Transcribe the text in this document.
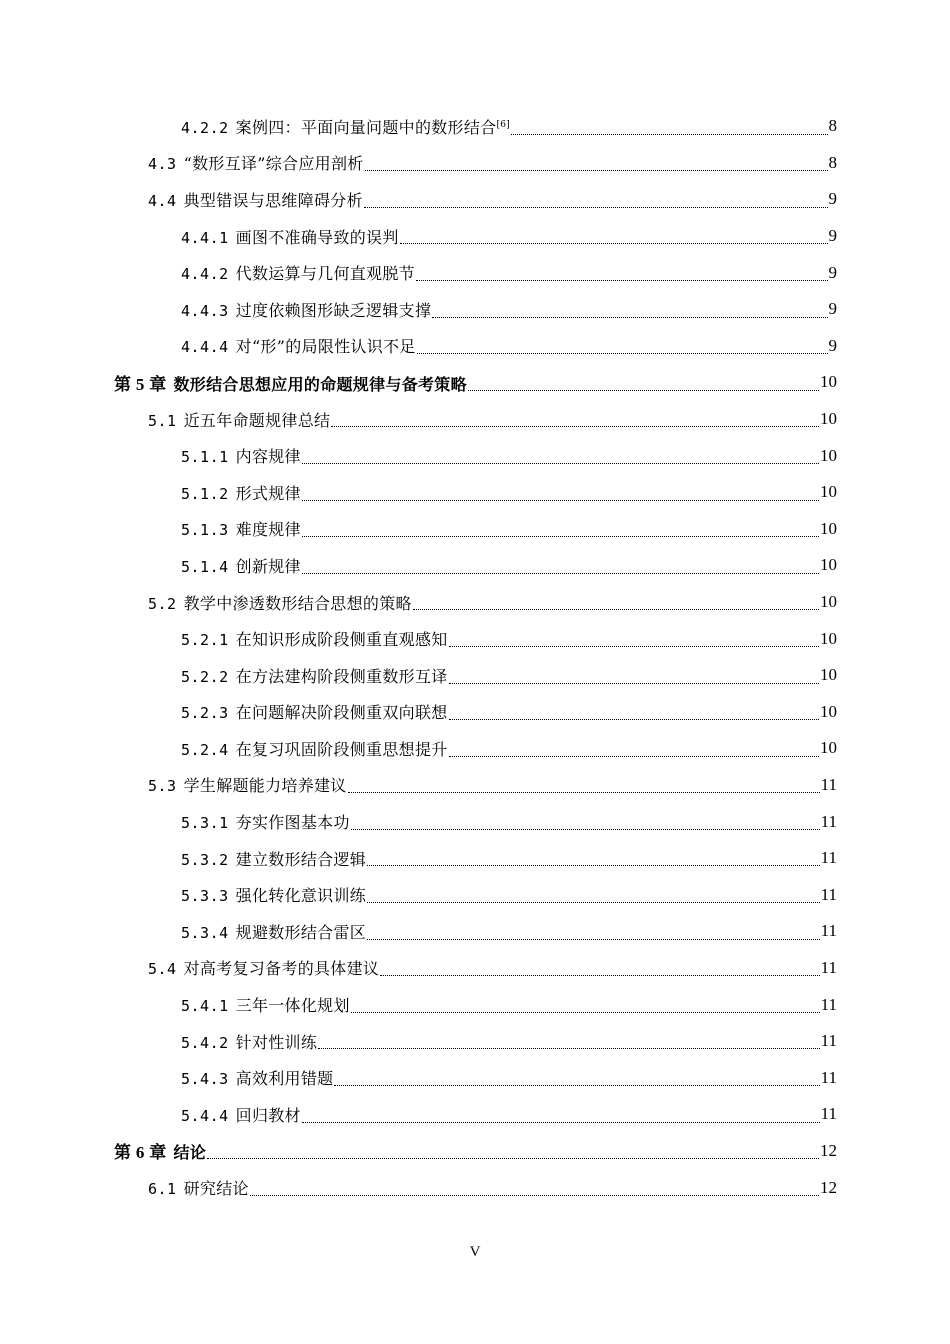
4.2.2 案例四：平面向量问题中的数形结合[6]	8
4.3 “数形互译”综合应用剖析	8
4.4 典型错误与思维障碍分析	9
4.4.1 画图不准确导致的误判	9
4.4.2 代数运算与几何直观脱节	9
4.4.3 过度依赖图形缺乏逻辑支撑	9
4.4.4 对“形”的局限性认识不足	9
第 5 章 数形结合思想应用的命题规律与备考策略	10
5.1 近五年命题规律总结	10
5.1.1 内容规律	10
5.1.2 形式规律	10
5.1.3 难度规律	10
5.1.4 创新规律	10
5.2 教学中渗透数形结合思想的策略	10
5.2.1 在知识形成阶段侧重直观感知	10
5.2.2 在方法建构阶段侧重数形互译	10
5.2.3 在问题解决阶段侧重双向联想	10
5.2.4 在复习巩固阶段侧重思想提升	10
5.3 学生解题能力培养建议	11
5.3.1 夯实作图基本功	11
5.3.2 建立数形结合逻辑	11
5.3.3 强化转化意识训练	11
5.3.4 规避数形结合雷区	11
5.4 对高考复习备考的具体建议	11
5.4.1 三年一体化规划	11
5.4.2 针对性训练	11
5.4.3 高效利用错题	11
5.4.4 回归教材	11
第 6 章 结论	12
6.1 研究结论	12
V
